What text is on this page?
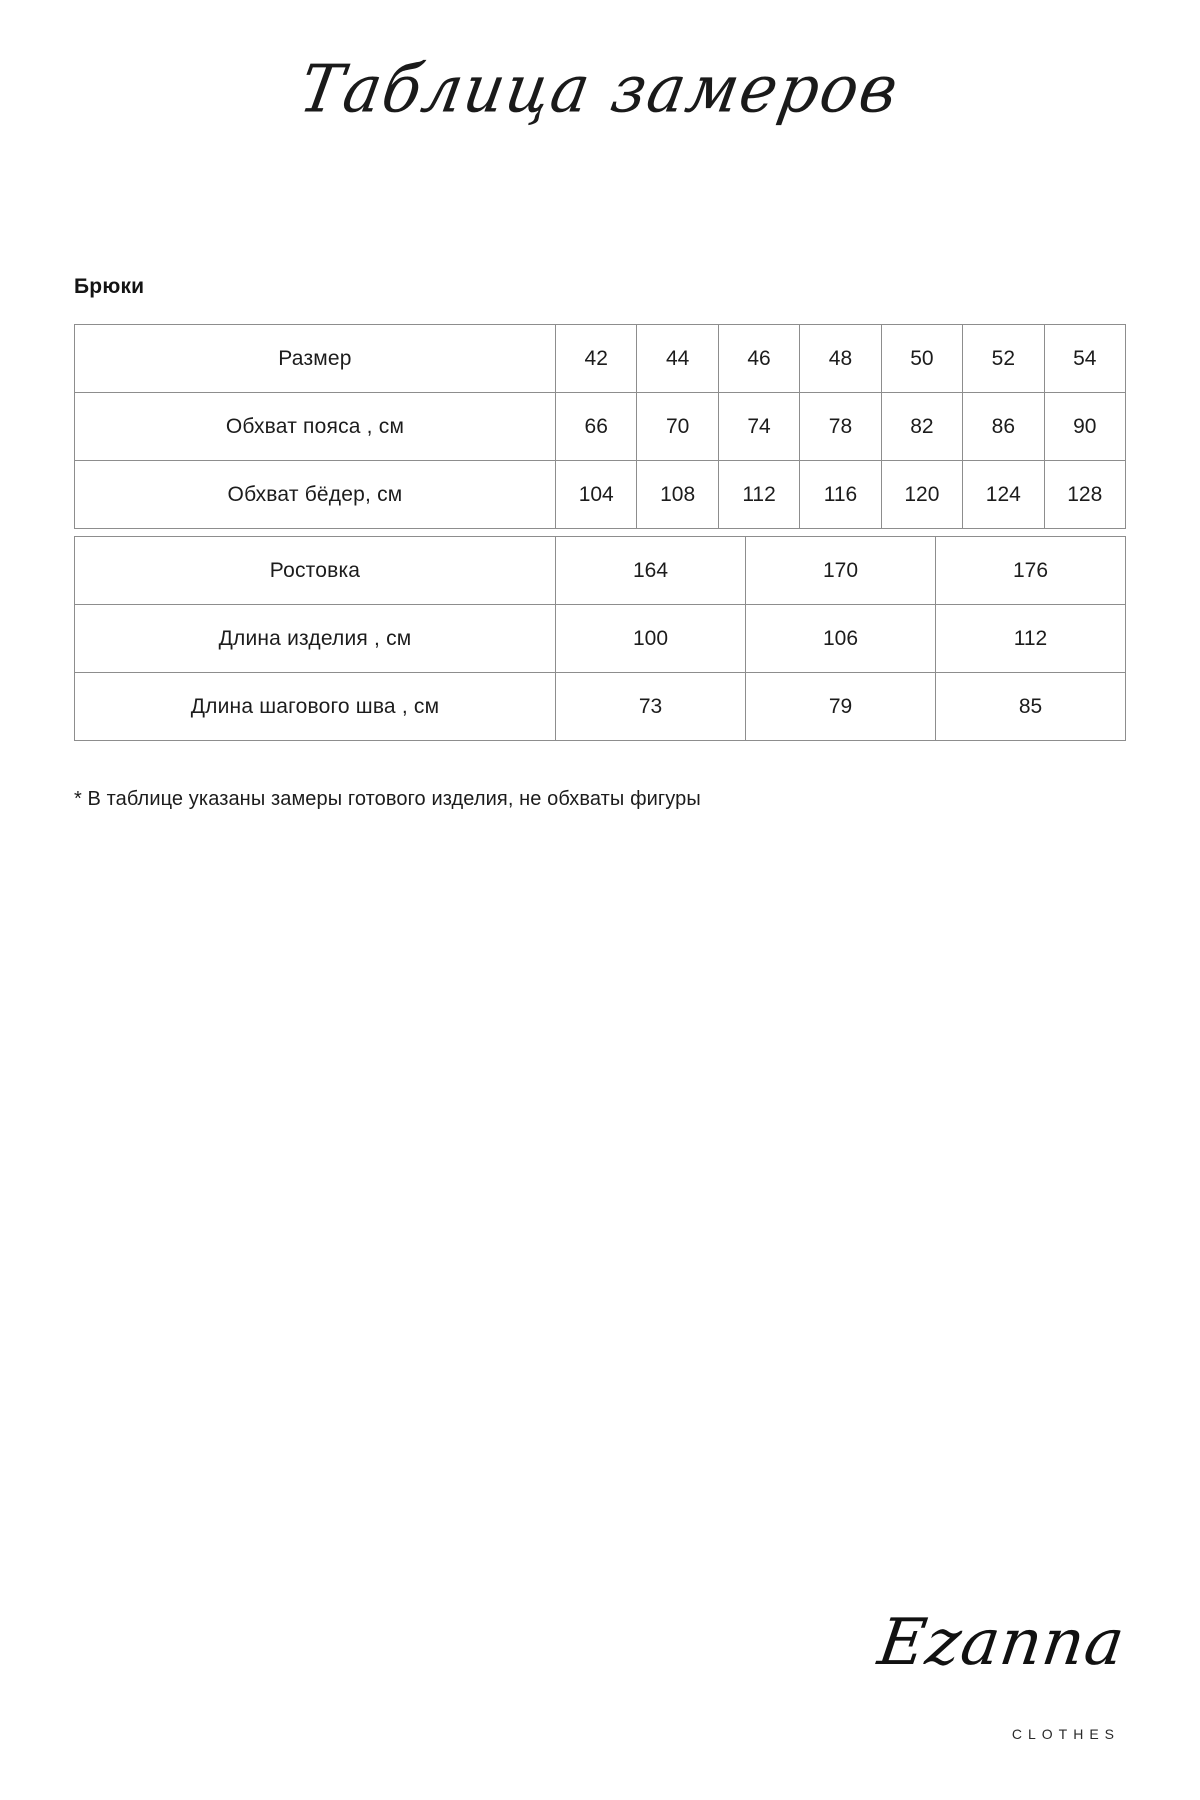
Таблица замеров
Брюки
Размер	42	44	46	48	50	52	54
Обхват пояса , см	66	70	74	78	82	86	90
Обхват бёдер, см	104	108	112	116	120	124	128
Ростовка	164	170	176
Длина изделия , см	100	106	112
Длина шагового шва , см	73	79	85
* В таблице указаны замеры готового изделия, не обхваты фигуры
Ezanna
CLOTHES
